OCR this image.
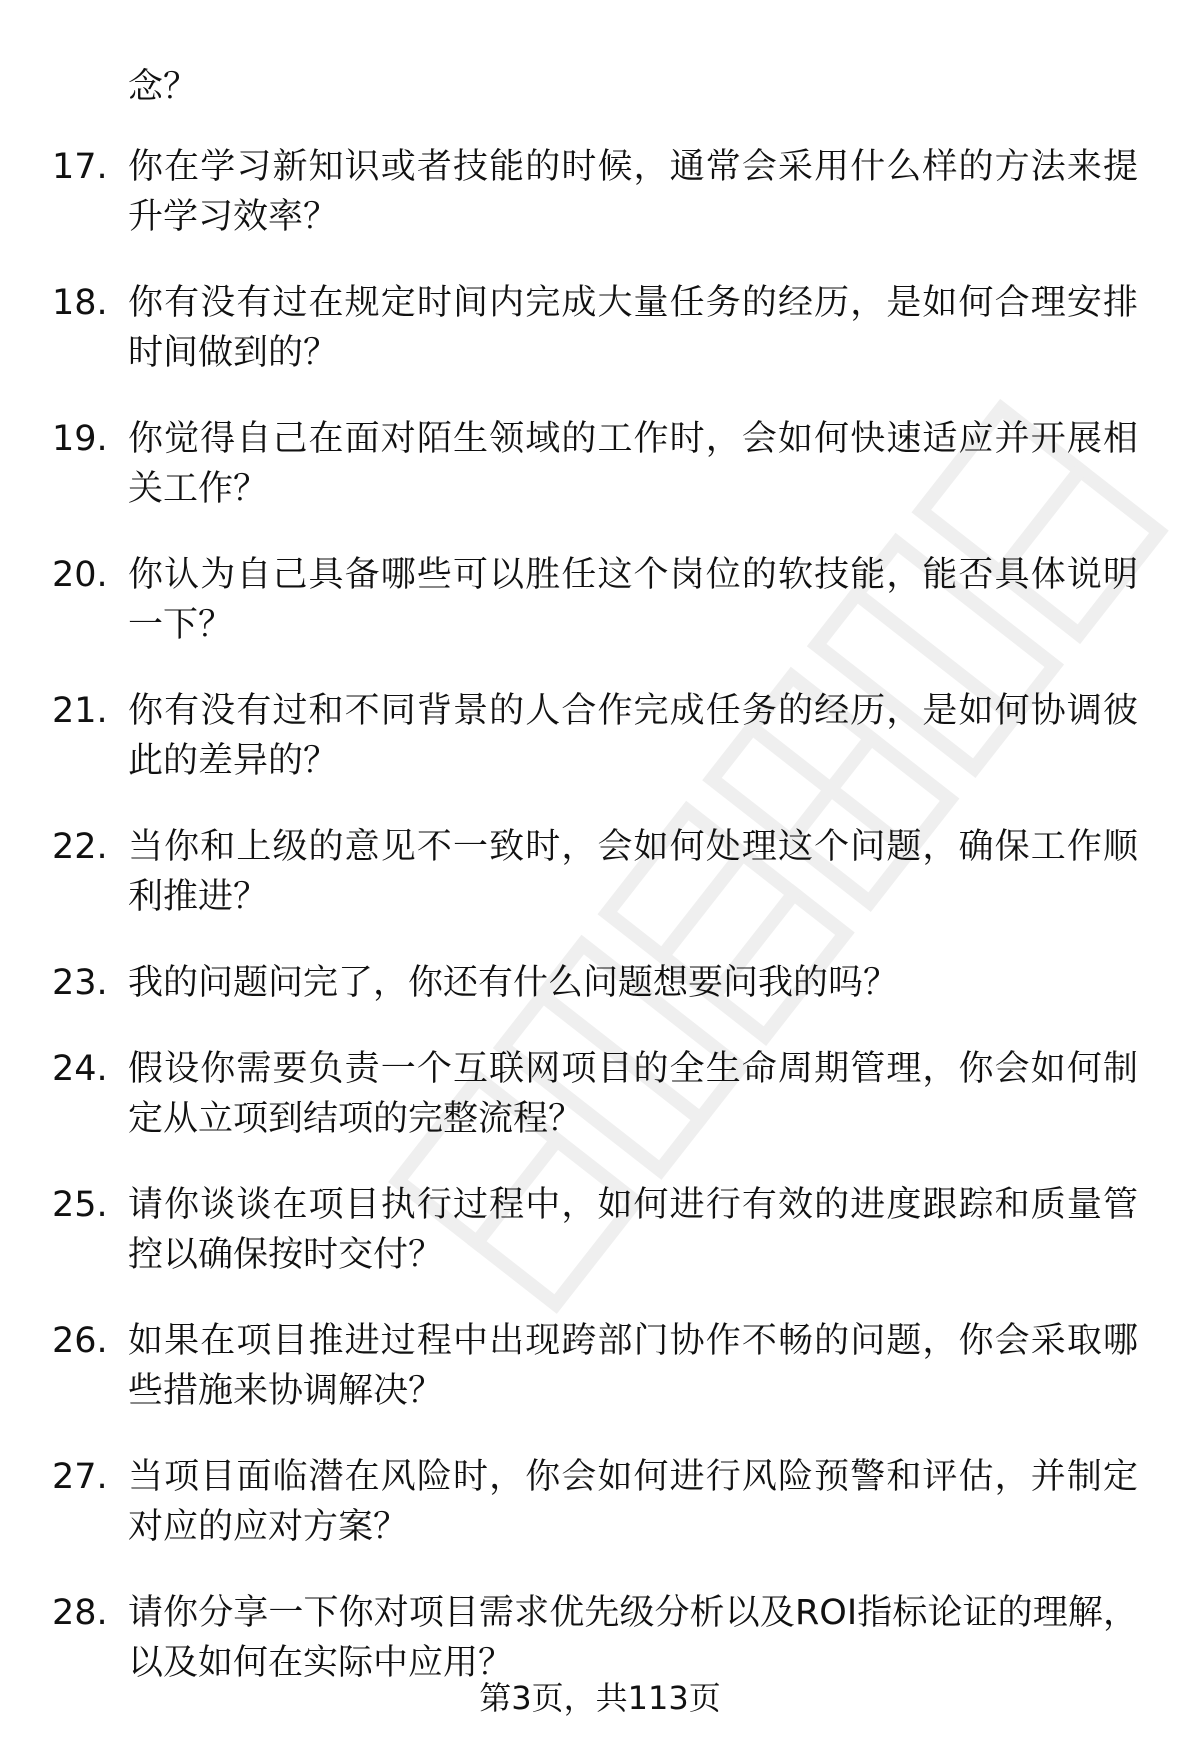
念？

17. 你在学习新知识或者技能的时候，通常会采用什么样的方法来提升学习效率？

18. 你有没有过在规定时间内完成大量任务的经历，是如何合理安排时间做到的？

19. 你觉得自己在面对陌生领域的工作时，会如何快速适应并开展相关工作？

20. 你认为自己具备哪些可以胜任这个岗位的软技能，能否具体说明一下？

21. 你有没有过和不同背景的人合作完成任务的经历，是如何协调彼此的差异的？

22. 当你和上级的意见不一致时，会如何处理这个问题，确保工作顺利推进？

23. 我的问题问完了，你还有什么问题想要问我的吗？

24. 假设你需要负责一个互联网项目的全生命周期管理，你会如何制定从立项到结项的完整流程？

25. 请你谈谈在项目执行过程中，如何进行有效的进度跟踪和质量管控以确保按时交付？

26. 如果在项目推进过程中出现跨部门协作不畅的问题，你会采取哪些措施来协调解决？

27. 当项目面临潜在风险时，你会如何进行风险预警和评估，并制定对应的应对方案？

28. 请你分享一下你对项目需求优先级分析以及ROI指标论证的理解，以及如何在实际中应用？

第3页，共113页
